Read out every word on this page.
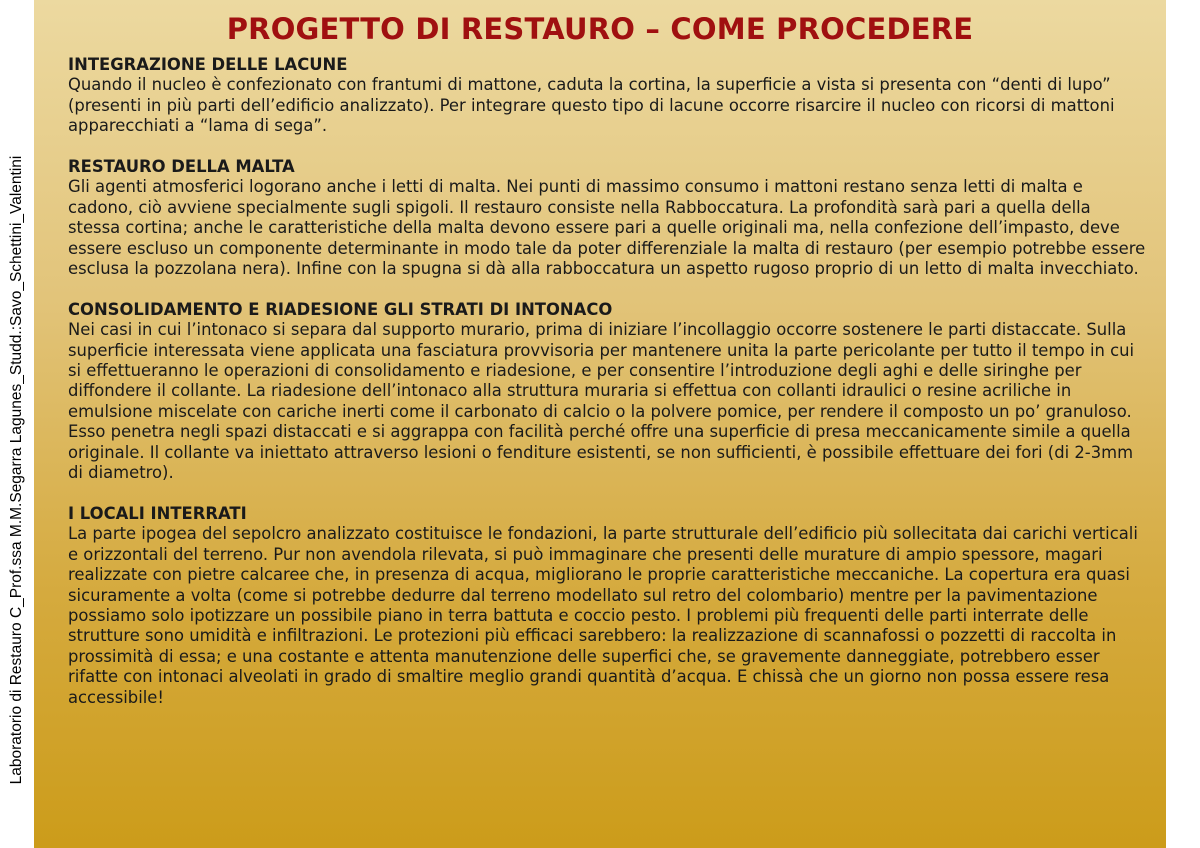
Laboratorio di Restauro C_Prof.ssa M.M.Segarra Lagunes_Studd.:Savo_Schettini_Valentini
PROGETTO DI RESTAURO – COME PROCEDERE

INTEGRAZIONE DELLE LACUNE

Quando il nucleo è confezionato con frantumi di mattone, caduta la cortina, la superficie a vista si presenta con “denti di lupo” (presenti in più parti dell’edificio analizzato). Per integrare questo tipo di lacune occorre risarcire il nucleo con ricorsi di mattoni apparecchiati a “lama di sega”.

RESTAURO DELLA MALTA

Gli agenti atmosferici logorano anche i letti di malta. Nei punti di massimo consumo i mattoni restano senza letti di malta e cadono, ciò avviene specialmente sugli spigoli. Il restauro consiste nella Rabboccatura. La profondità sarà pari a quella della stessa cortina; anche le caratteristiche della malta devono essere pari a quelle originali ma, nella confezione dell’impasto, deve essere escluso un componente determinante in modo tale da poter differenziale la malta di restauro (per esempio potrebbe essere esclusa la pozzolana nera). Infine con la spugna si dà alla rabboccatura un aspetto rugoso proprio di un letto di malta invecchiato.

CONSOLIDAMENTO E RIADESIONE GLI STRATI DI INTONACO

Nei casi in cui l’intonaco si separa dal supporto murario, prima di iniziare l’incollaggio occorre sostenere le parti distaccate. Sulla superficie interessata viene applicata una fasciatura provvisoria per mantenere unita la parte pericolante per tutto il tempo in cui si effettueranno le operazioni di consolidamento e riadesione, e per consentire l’introduzione degli aghi e delle siringhe per diffondere il collante. La riadesione dell’intonaco alla struttura muraria si effettua con collanti idraulici o resine acriliche in emulsione miscelate con cariche inerti come il carbonato di calcio o la polvere pomice, per rendere il composto un po’ granuloso. Esso penetra negli spazi distaccati e si aggrappa con facilità perché offre una superficie di presa meccanicamente simile a quella originale. Il collante va iniettato attraverso lesioni o fenditure esistenti, se non sufficienti, è possibile effettuare dei fori (di 2-3mm di diametro).

I LOCALI INTERRATI

La parte ipogea del sepolcro analizzato costituisce le fondazioni, la parte strutturale dell’edificio più sollecitata dai carichi verticali e orizzontali del terreno. Pur non avendola rilevata, si può immaginare che presenti delle murature di ampio spessore, magari realizzate con pietre calcaree che, in presenza di acqua, migliorano le proprie caratteristiche meccaniche. La copertura era quasi sicuramente a volta (come si potrebbe dedurre dal terreno modellato sul retro del colombario) mentre per la pavimentazione possiamo solo ipotizzare un possibile piano in terra battuta e coccio pesto. I problemi più frequenti delle parti interrate delle strutture sono umidità e infiltrazioni. Le protezioni più efficaci sarebbero: la realizzazione di scannafossi o pozzetti di raccolta in prossimità di essa; e una costante e attenta manutenzione delle superfici che, se gravemente danneggiate, potrebbero esser rifatte con intonaci alveolati in grado di smaltire meglio grandi quantità d’acqua. E chissà che un giorno non possa essere resa accessibile!
